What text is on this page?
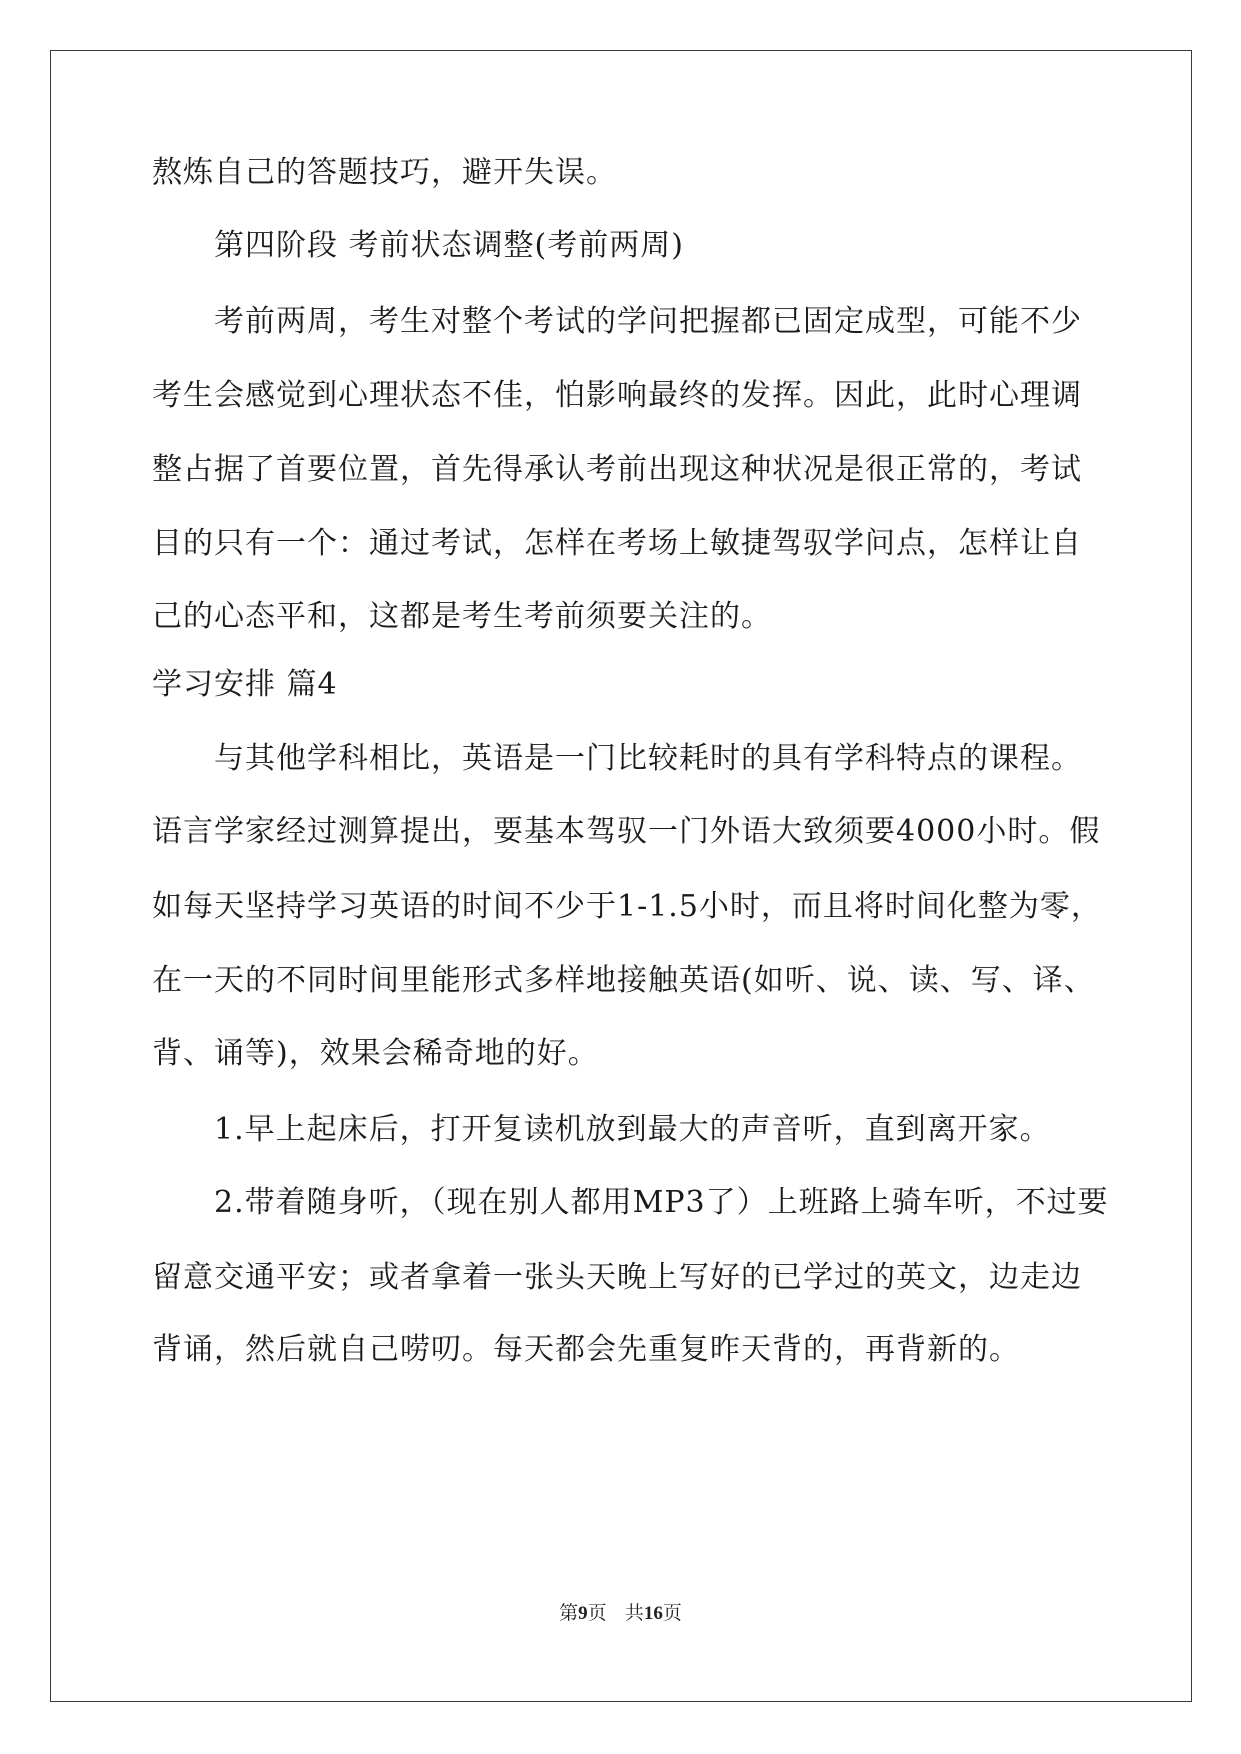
熬炼自己的答题技巧，避开失误。
第四阶段 考前状态调整(考前两周)
考前两周，考生对整个考试的学问把握都已固定成型，可能不少
考生会感觉到心理状态不佳，怕影响最终的发挥。因此，此时心理调
整占据了首要位置，首先得承认考前出现这种状况是很正常的，考试
目的只有一个：通过考试，怎样在考场上敏捷驾驭学问点，怎样让自
己的心态平和，这都是考生考前须要关注的。
学习安排 篇4
与其他学科相比，英语是一门比较耗时的具有学科特点的课程。
语言学家经过测算提出，要基本驾驭一门外语大致须要4000小时。假
如每天坚持学习英语的时间不少于1-1.5小时，而且将时间化整为零，
在一天的不同时间里能形式多样地接触英语(如听、说、读、写、译、
背、诵等)，效果会稀奇地的好。
1.早上起床后，打开复读机放到最大的声音听，直到离开家。
2.带着随身听，（现在别人都用MP3了）上班路上骑车听，不过要
留意交通平安；或者拿着一张头天晚上写好的已学过的英文，边走边
背诵，然后就自己唠叨。每天都会先重复昨天背的，再背新的。
第9页 共16页
